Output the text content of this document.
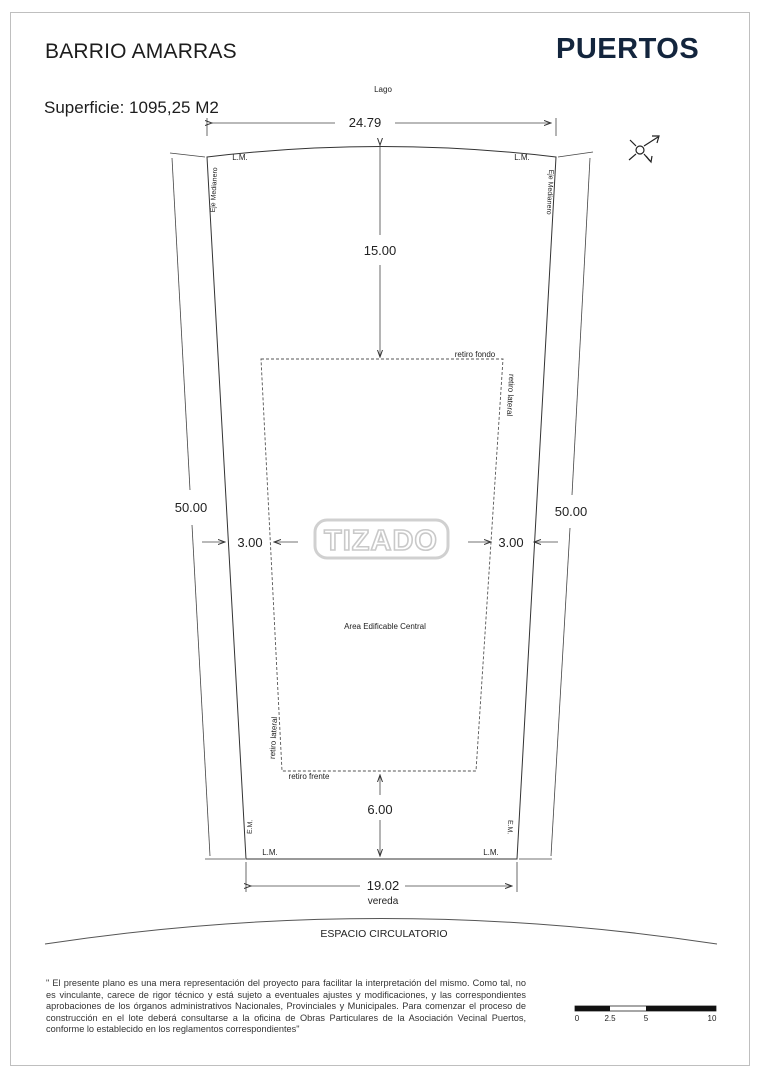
BARRIO AMARRAS
Superficie: 1095,25 M2
PUERTOS
Lago
24.79
50.00	50.00
L.M.	L.M.
L.M.	L.M.
Eje Medianero	Eje Medianero
E.M.	E.M.
15.00
retiro fondo
retiro lateral
retiro lateral
retiro frente
Area Edificable Central
3.00	3.00
6.00
19.02
vereda
ESPACIO CIRCULATORIO
TIZADO
0	2.5	5	10
" El presente plano es una mera representación del proyecto para facilitar la interpretación del mismo. Como tal, no es vinculante, carece de rigor técnico y está sujeto a eventuales ajustes y modificaciones, y las correspondientes aprobaciones de los órganos administrativos Nacionales, Provinciales y Municipales. Para comenzar el proceso de construcción en el lote deberá consultarse a la oficina de Obras Particulares de la Asociación Vecinal Puertos, conforme lo establecido en los reglamentos correspondientes"
